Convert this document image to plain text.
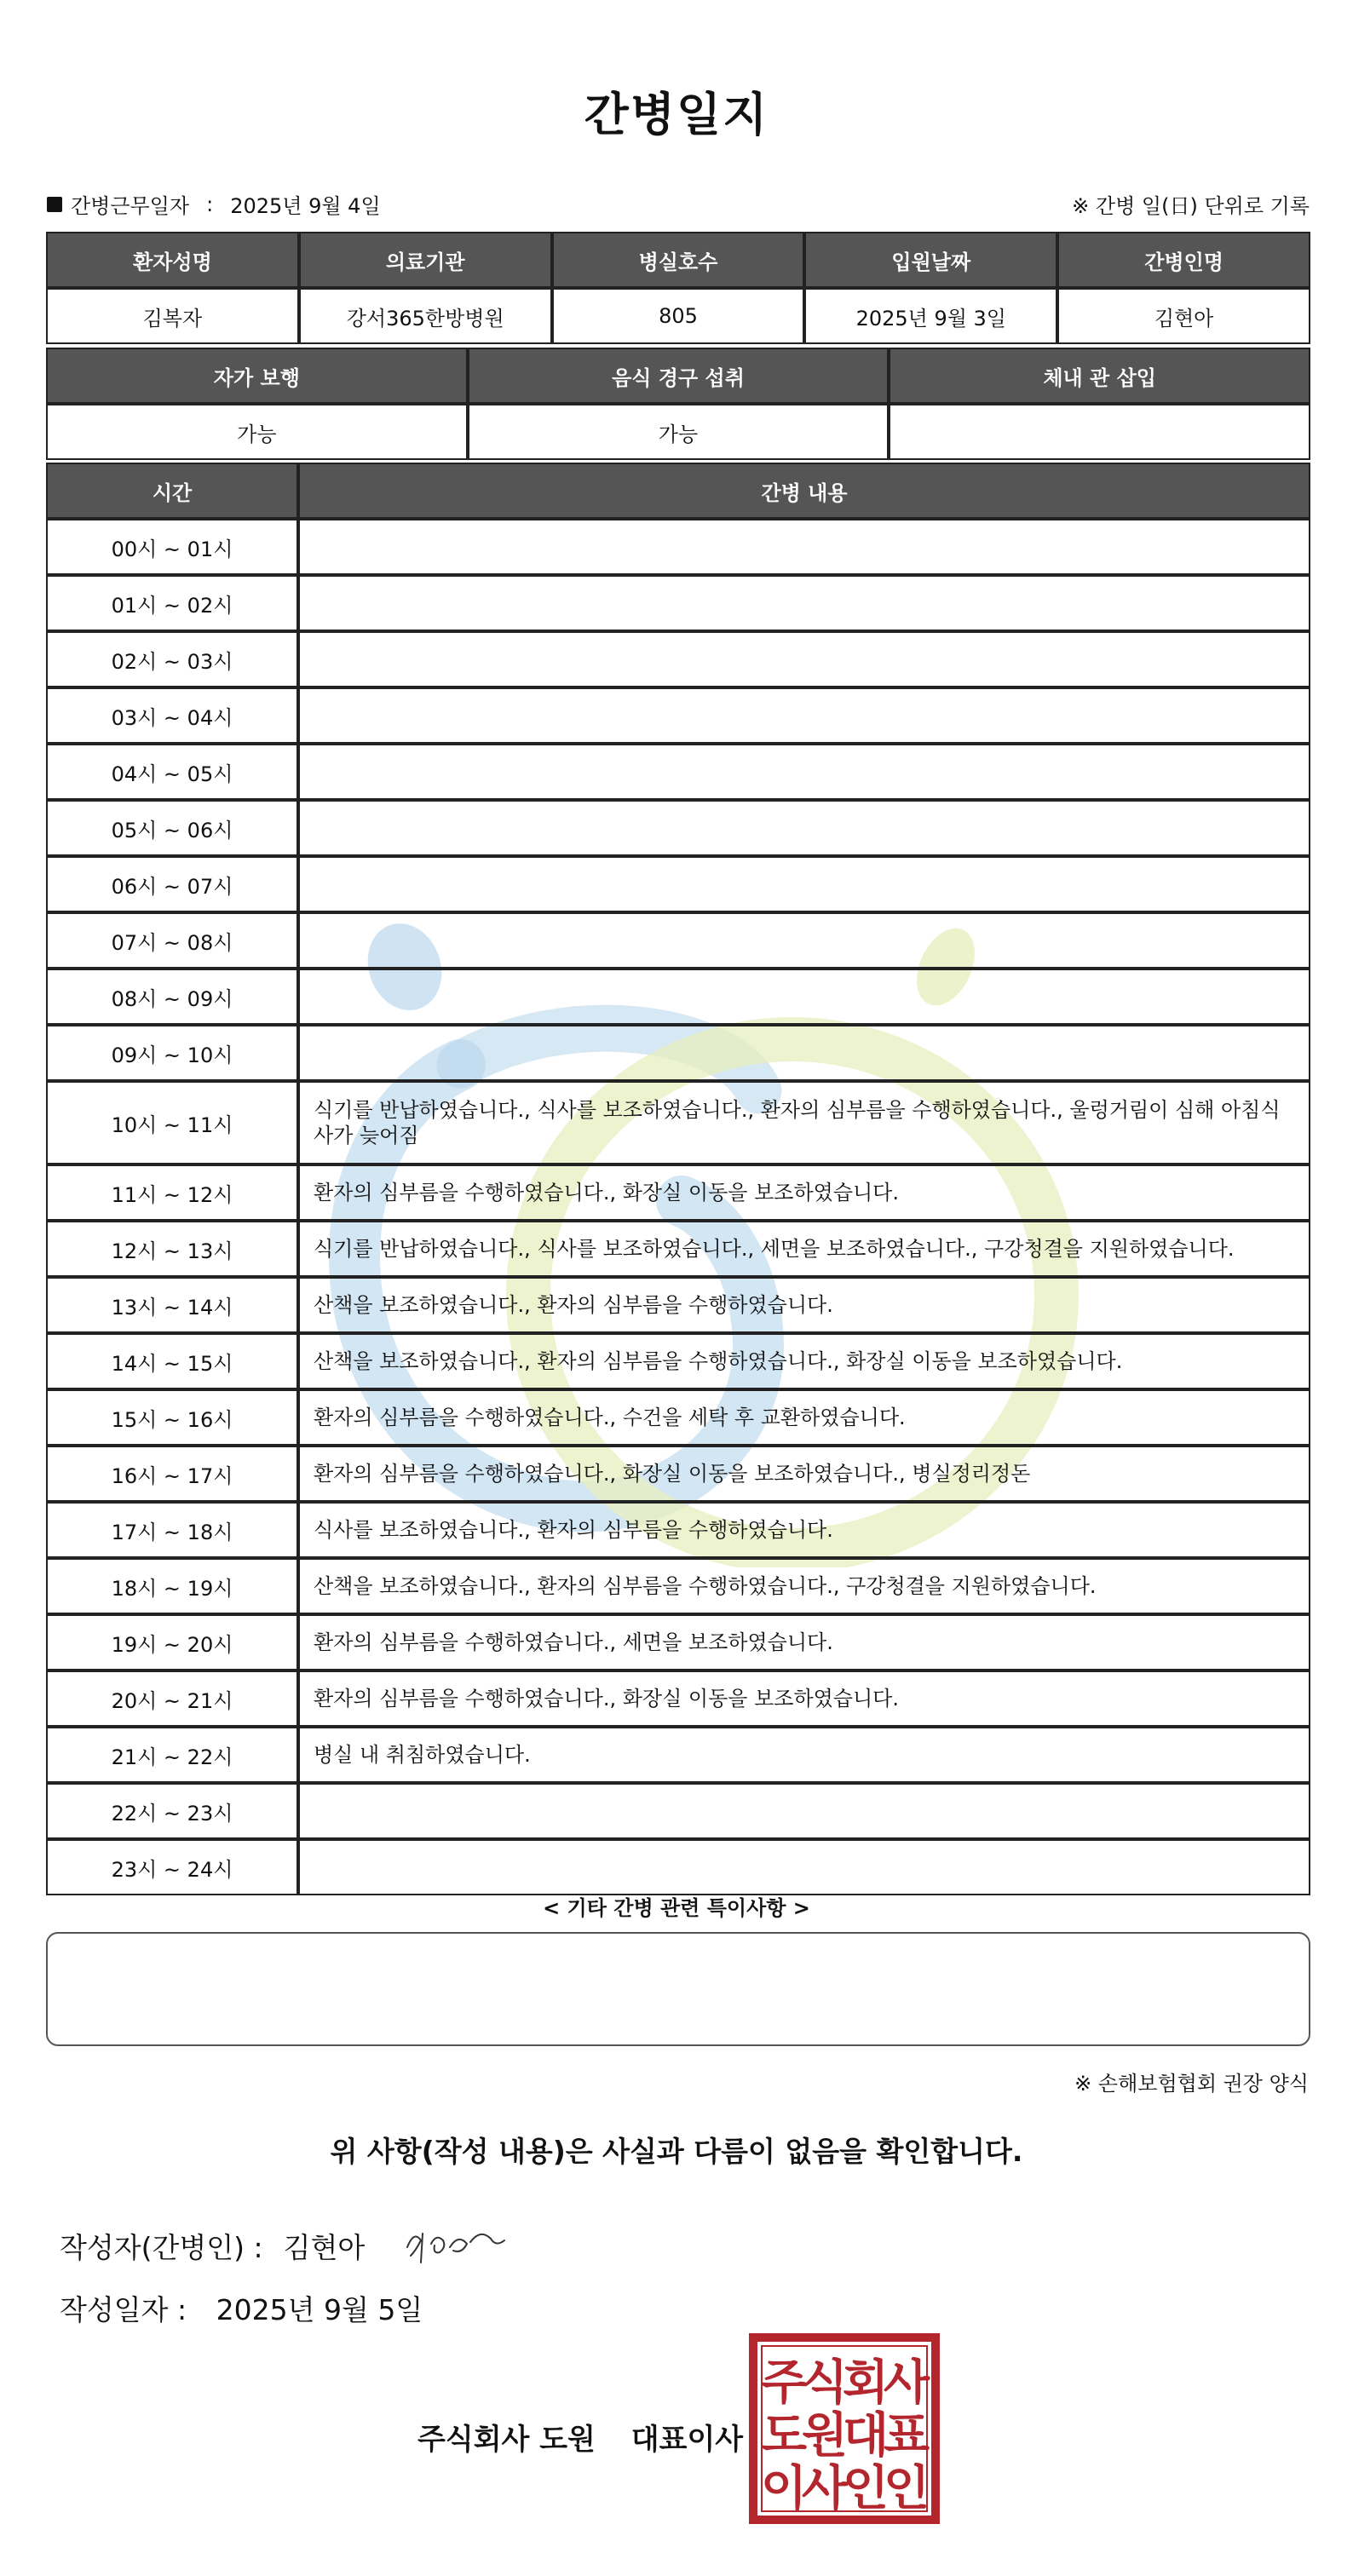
간병일지
간병근무일자 : 2025년 9월 4일	※ 간병 일(日) 단위로 기록
환자성명	의료기관	병실호수	입원날짜	간병인명
김복자	강서365한방병원	805	2025년 9월 3일	김현아
자가 보행	음식 경구 섭취	체내 관 삽입
가능	가능	
시간	간병 내용
00시 ~ 01시	
01시 ~ 02시	
02시 ~ 03시	
03시 ~ 04시	
04시 ~ 05시	
05시 ~ 06시	
06시 ~ 07시	
07시 ~ 08시	
08시 ~ 09시	
09시 ~ 10시	
10시 ~ 11시	식기를 반납하였습니다., 식사를 보조하였습니다., 환자의 심부름을 수행하였습니다., 울렁거림이 심해 아침식사가 늦어짐
11시 ~ 12시	환자의 심부름을 수행하였습니다., 화장실 이동을 보조하였습니다.
12시 ~ 13시	식기를 반납하였습니다., 식사를 보조하였습니다., 세면을 보조하였습니다., 구강청결을 지원하였습니다.
13시 ~ 14시	산책을 보조하였습니다., 환자의 심부름을 수행하였습니다.
14시 ~ 15시	산책을 보조하였습니다., 환자의 심부름을 수행하였습니다., 화장실 이동을 보조하였습니다.
15시 ~ 16시	환자의 심부름을 수행하였습니다., 수건을 세탁 후 교환하였습니다.
16시 ~ 17시	환자의 심부름을 수행하였습니다., 화장실 이동을 보조하였습니다., 병실정리정돈
17시 ~ 18시	식사를 보조하였습니다., 환자의 심부름을 수행하였습니다.
18시 ~ 19시	산책을 보조하였습니다., 환자의 심부름을 수행하였습니다., 구강청결을 지원하였습니다.
19시 ~ 20시	환자의 심부름을 수행하였습니다., 세면을 보조하였습니다.
20시 ~ 21시	환자의 심부름을 수행하였습니다., 화장실 이동을 보조하였습니다.
21시 ~ 22시	병실 내 취침하였습니다.
22시 ~ 23시	
23시 ~ 24시	
< 기타 간병 관련 특이사항 >
※ 손해보험협회 권장 양식
위 사항(작성 내용)은 사실과 다름이 없음을 확인합니다.
작성자(간병인) : 김현아
작성일자 : 2025년 9월 5일
주식회사 도원 대표이사
주
식
회
사
도
원
대
표
이
사
인
인
